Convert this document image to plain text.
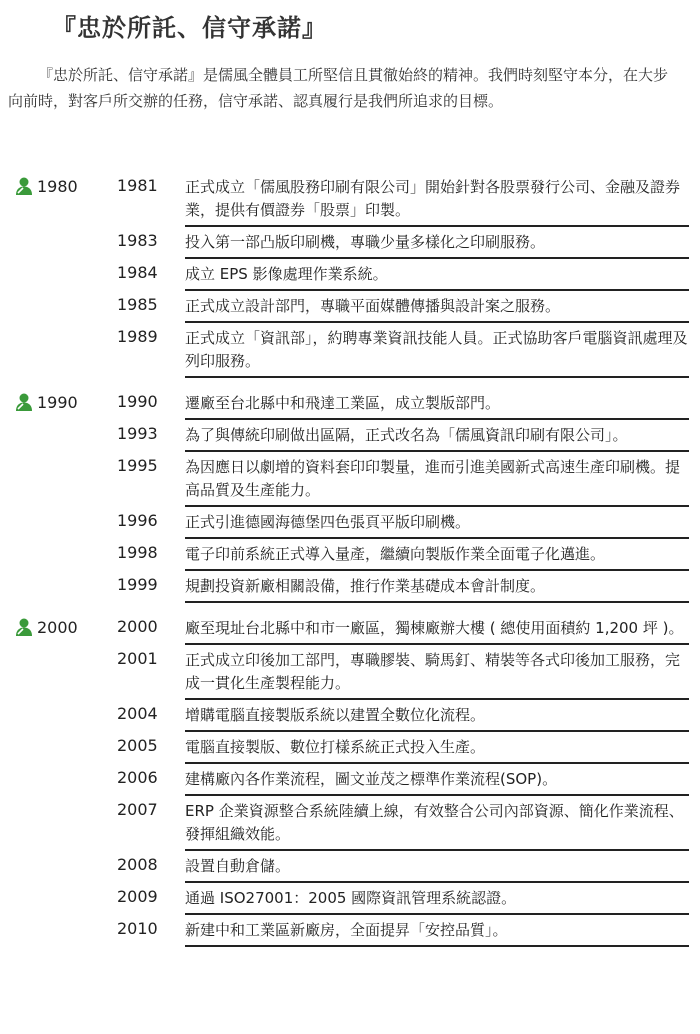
『忠於所託、信守承諾』

『忠於所託、信守承諾』是儒風全體員工所堅信且貫徹始終的精神。我們時刻堅守本分，在大步向前時，對客戶所交辦的任務，信守承諾、認真履行是我們所追求的目標。

1980 1981 正式成立「儒風股務印刷有限公司」開始針對各股票發行公司、金融及證券業，提供有價證券「股票」印製。
1983 投入第一部凸版印刷機，專職少量多樣化之印刷服務。
1984 成立 EPS 影像處理作業系統。
1985 正式成立設計部門，專職平面媒體傳播與設計案之服務。
1989 正式成立「資訊部」，約聘專業資訊技能人員。正式協助客戶電腦資訊處理及列印服務。
1990 1990 遷廠至台北縣中和飛達工業區，成立製版部門。
1993 為了與傳統印刷做出區隔，正式改名為「儒風資訊印刷有限公司」。
1995 為因應日以劇增的資料套印印製量，進而引進美國新式高速生產印刷機。提高品質及生產能力。
1996 正式引進德國海德堡四色張頁平版印刷機。
1998 電子印前系統正式導入量產，繼續向製版作業全面電子化邁進。
1999 規劃投資新廠相關設備，推行作業基礎成本會計制度。
2000 2000 廠至現址台北縣中和市一廠區，獨棟廠辦大樓 ( 總使用面積約 1,200 坪 )。
2001 正式成立印後加工部門，專職膠裝、騎馬釘、精裝等各式印後加工服務，完成一貫化生產製程能力。
2004 增購電腦直接製版系統以建置全數位化流程。
2005 電腦直接製版、數位打樣系統正式投入生產。
2006 建構廠內各作業流程，圖文並茂之標準作業流程(SOP)。
2007 ERP 企業資源整合系統陸續上線，有效整合公司內部資源、簡化作業流程、發揮組織效能。
2008 設置自動倉儲。
2009 通過 ISO27001：2005 國際資訊管理系統認證。
2010 新建中和工業區新廠房，全面提昇「安控品質」。
